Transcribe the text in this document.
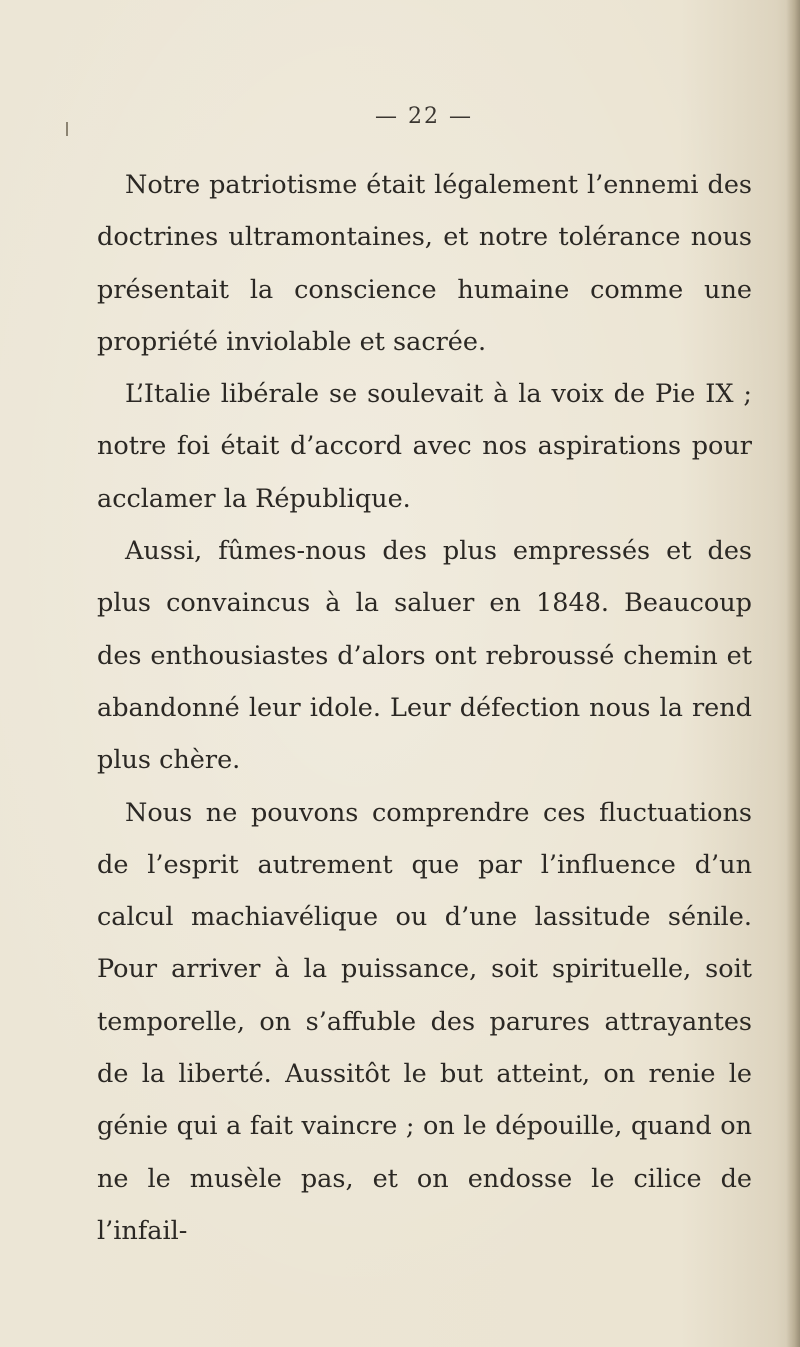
— 22 —

Notre patriotisme était légalement l’ennemi des doctrines ultramontaines, et notre tolérance nous présentait la conscience humaine comme une propriété inviolable et sacrée.

L’Italie libérale se soulevait à la voix de Pie IX ; notre foi était d’accord avec nos aspirations pour acclamer la République.

Aussi, fûmes-nous des plus empressés et des plus convaincus à la saluer en 1848. Beaucoup des enthousiastes d’alors ont rebroussé chemin et abandonné leur idole. Leur défection nous la rend plus chère.

Nous ne pouvons comprendre ces fluctuations de l’esprit autrement que par l’influence d’un calcul machiavélique ou d’une lassitude sénile. Pour arriver à la puissance, soit spirituelle, soit temporelle, on s’affuble des parures attrayantes de la liberté. Aussitôt le but atteint, on renie le génie qui a fait vaincre ; on le dépouille, quand on ne le musèle pas, et on endosse le cilice de l’infail-
